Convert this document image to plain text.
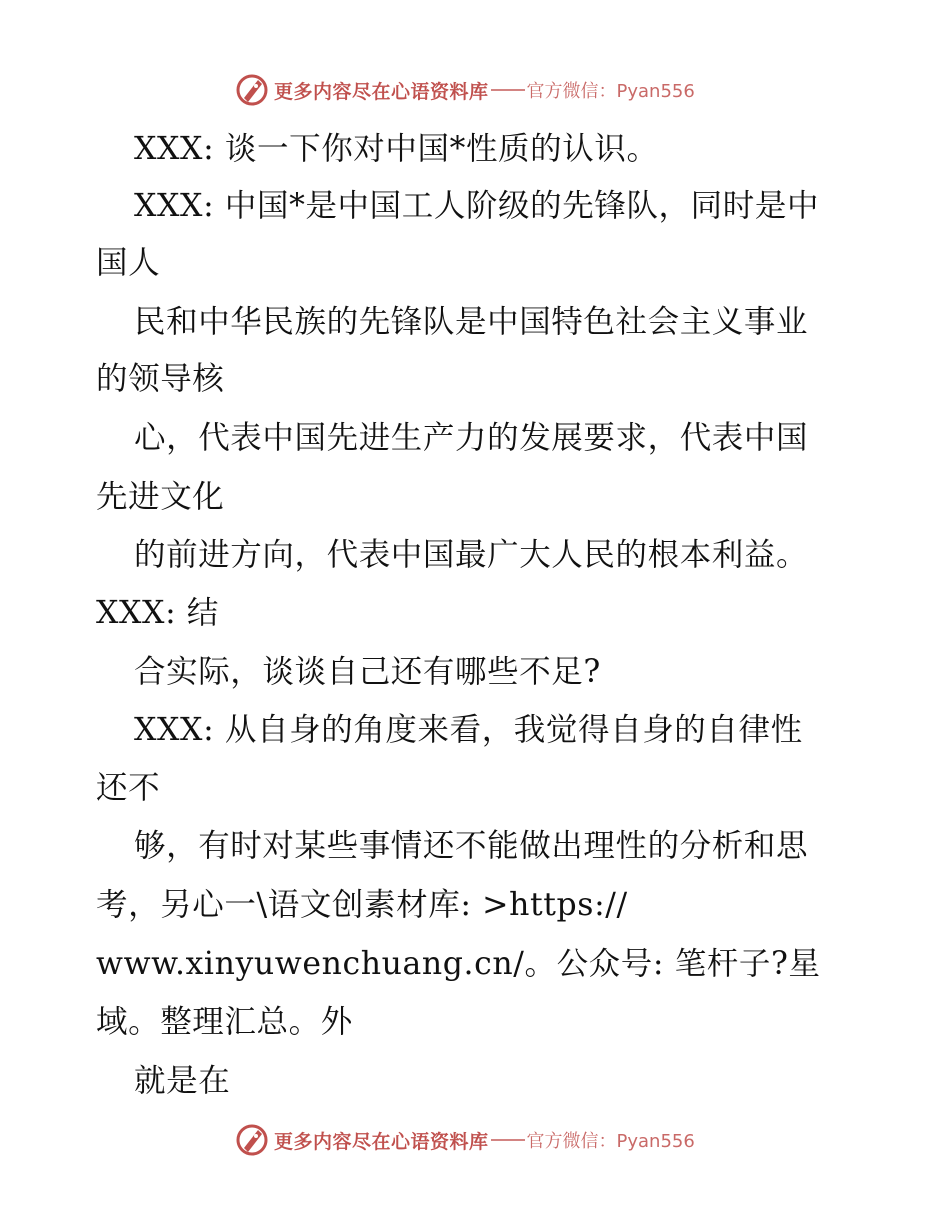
更多内容尽在心语资料库 官方微信：Pyan556
XXX: 谈一下你对中国*性质的认识。
XXX: 中国*是中国工人阶级的先锋队，同时是中
国人
民和中华民族的先锋队是中国特色社会主义事业
的领导核
心，代表中国先进生产力的发展要求，代表中国
先进文化
的前进方向，代表中国最广大人民的根本利益。
XXX: 结
合实际，谈谈自己还有哪些不足?
XXX: 从自身的角度来看，我觉得自身的自律性
还不
够，有时对某些事情还不能做出理性的分析和思
考，另心一\语文创素材库: >https://
www.xinyuwenchuang.cn/。公众号: 笔杆子?星
域。整理汇总。外
就是在
更多内容尽在心语资料库 官方微信：Pyan556
